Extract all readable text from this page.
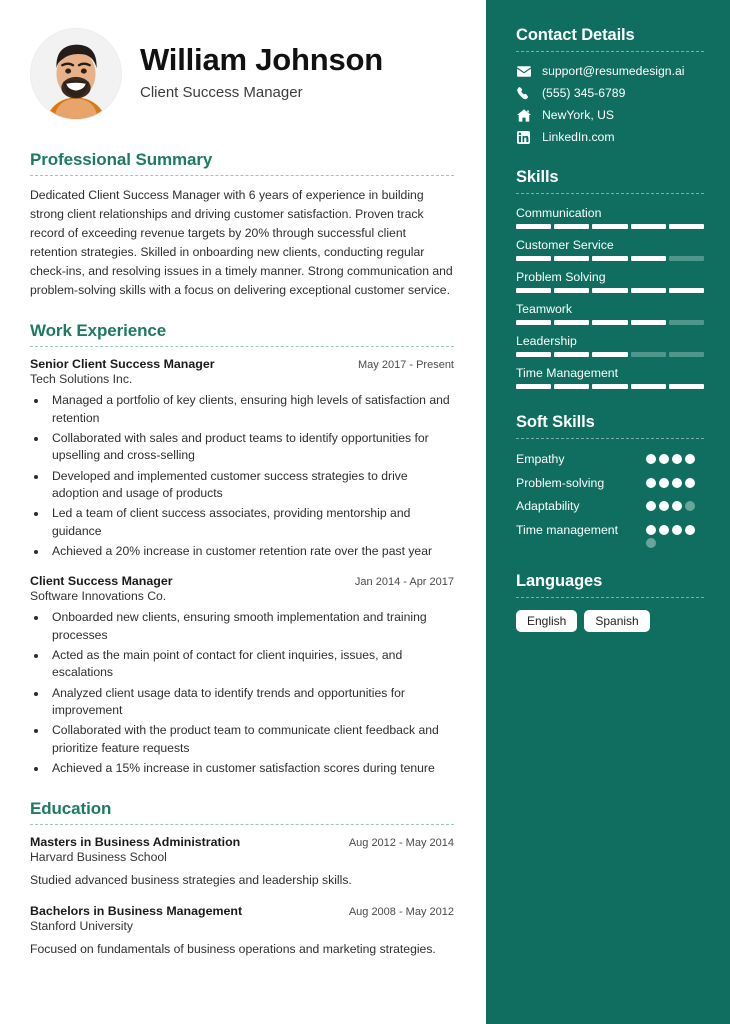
William Johnson
Client Success Manager
Professional Summary
Dedicated Client Success Manager with 6 years of experience in building strong client relationships and driving customer satisfaction. Proven track record of exceeding revenue targets by 20% through successful client retention strategies. Skilled in onboarding new clients, conducting regular check-ins, and resolving issues in a timely manner. Strong communication and problem-solving skills with a focus on delivering exceptional customer service.
Work Experience
Senior Client Success Manager	May 2017 - Present
Tech Solutions Inc.
• Managed a portfolio of key clients, ensuring high levels of satisfaction and retention
• Collaborated with sales and product teams to identify opportunities for upselling and cross-selling
• Developed and implemented customer success strategies to drive adoption and usage of products
• Led a team of client success associates, providing mentorship and guidance
• Achieved a 20% increase in customer retention rate over the past year
Client Success Manager	Jan 2014 - Apr 2017
Software Innovations Co.
• Onboarded new clients, ensuring smooth implementation and training processes
• Acted as the main point of contact for client inquiries, issues, and escalations
• Analyzed client usage data to identify trends and opportunities for improvement
• Collaborated with the product team to communicate client feedback and prioritize feature requests
• Achieved a 15% increase in customer satisfaction scores during tenure
Education
Masters in Business Administration	Aug 2012 - May 2014
Harvard Business School
Studied advanced business strategies and leadership skills.
Bachelors in Business Management	Aug 2008 - May 2012
Stanford University
Focused on fundamentals of business operations and marketing strategies.
Contact Details
support@resumedesign.ai
(555) 345-6789
NewYork, US
LinkedIn.com
Skills
Communication
Customer Service
Problem Solving
Teamwork
Leadership
Time Management
Soft Skills
Empathy
Problem-solving
Adaptability
Time management
Languages
English	Spanish
